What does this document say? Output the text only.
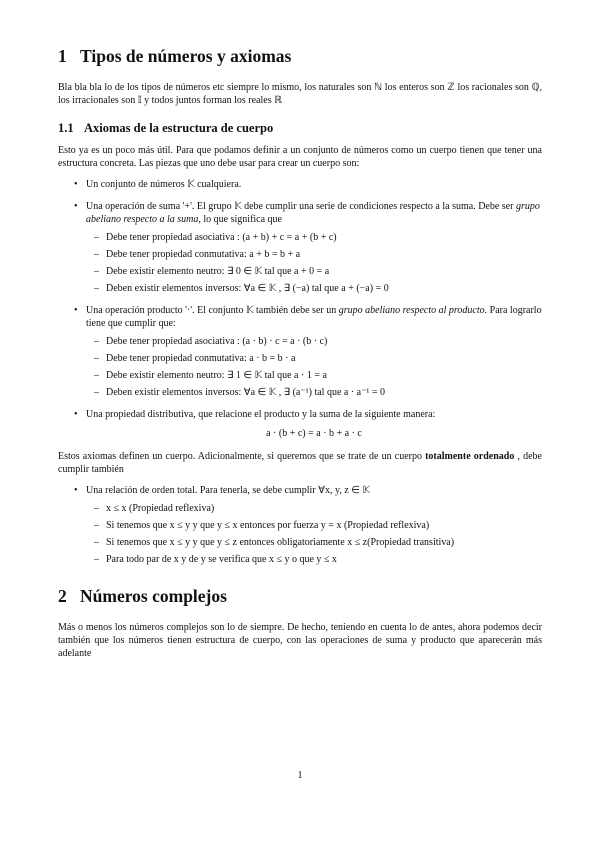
1 Tipos de números y axiomas

Bla bla bla lo de los tipos de números etc siempre lo mismo, los naturales son ℕ los enteros son ℤ los racionales son ℚ, los irracionales son 𝕀 y todos juntos forman los reales ℝ

1.1 Axiomas de la estructura de cuerpo

Esto ya es un poco más útil. Para que podamos definir a un conjunto de números como un cuerpo tienen que tener una estructura concreta. Las piezas que uno debe usar para crear un cuerpo son:

• Un conjunto de números 𝕂 cualquiera.
• Una operación de suma '+'. El grupo 𝕂 debe cumplir una serie de condiciones respecto a la suma. Debe ser grupo abeliano respecto a la suma, lo que significa que
– Debe tener propiedad asociativa : (a + b) + c = a + (b + c)
– Debe tener propiedad conmutativa: a + b = b + a
– Debe existir elemento neutro: ∃ 0 ∈ 𝕂 tal que a + 0 = a
– Deben existir elementos inversos: ∀a ∈ 𝕂 , ∃ (−a) tal que a + (−a) = 0
• Una operación producto '·'. El conjunto 𝕂 también debe ser un grupo abeliano respecto al producto. Para lograrlo tiene que cumplir que:
– Debe tener propiedad asociativa : (a · b) · c = a · (b · c)
– Debe tener propiedad conmutativa: a · b = b · a
– Debe existir elemento neutro: ∃ 1 ∈ 𝕂 tal que a · 1 = a
– Deben existir elementos inversos: ∀a ∈ 𝕂 , ∃ (a⁻¹) tal que a · a⁻¹ = 0
• Una propiedad distributiva, que relacione el producto y la suma de la siguiente manera:
a · (b + c) = a · b + a · c

Estos axiomas definen un cuerpo. Adicionalmente, si queremos que se trate de un cuerpo totalmente ordenado , debe cumplir también

• Una relación de orden total. Para tenerla, se debe cumplir ∀x, y, z ∈ 𝕂
– x ≤ x (Propiedad reflexiva)
– Si tenemos que x ≤ y y que y ≤ x entonces por fuerza y = x (Propiedad reflexiva)
– Si tenemos que x ≤ y y que y ≤ z entonces obligatoriamente x ≤ z(Propiedad transitiva)
– Para todo par de x y de y se verifica que x ≤ y o que y ≤ x
2 Números complejos

Más o menos los números complejos son lo de siempre. De hecho, teniendo en cuenta lo de antes, ahora podemos decir también que los números tienen estructura de cuerpo, con las operaciones de suma y producto que aparecerán más adelante

1
